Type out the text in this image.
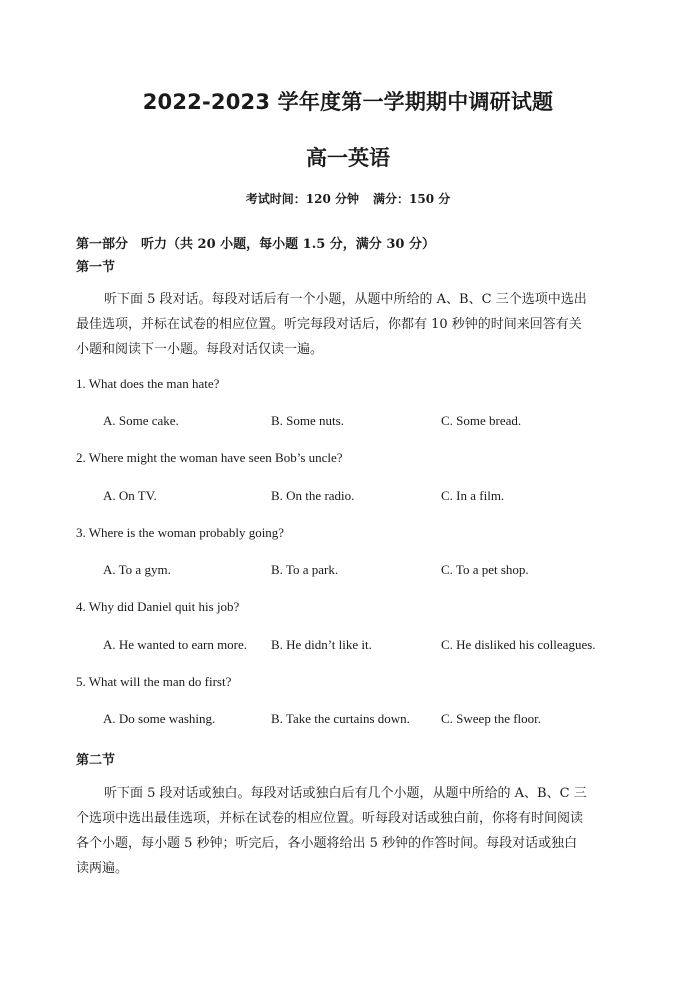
2022-2023 学年度第一学期期中调研试题
高一英语
考试时间：120 分钟 满分：150 分
第一部分　听力（共 20 小题，每小题 1.5 分，满分 30 分）
第一节
听下面 5 段对话。每段对话后有一个小题，从题中所给的 A、B、C 三个选项中选出
最佳选项，并标在试卷的相应位置。听完每段对话后，你都有 10 秒钟的时间来回答有关
小题和阅读下一小题。每段对话仅读一遍。
1. What does the man hate?
A. Some cake.	B. Some nuts.	C. Some bread.
2. Where might the woman have seen Bob’s uncle?
A. On TV.	B. On the radio.	C. In a film.
3. Where is the woman probably going?
A. To a gym.	B. To a park.	C. To a pet shop.
4. Why did Daniel quit his job?
A. He wanted to earn more. B. He didn’t like it.	C. He disliked his colleagues.
5. What will the man do first?
A. Do some washing.	B. Take the curtains down. C. Sweep the floor.
第二节
听下面 5 段对话或独白。每段对话或独白后有几个小题，从题中所给的 A、B、C 三
个选项中选出最佳选项，并标在试卷的相应位置。听每段对话或独白前，你将有时间阅读
各个小题，每小题 5 秒钟；听完后，各小题将给出 5 秒钟的作答时间。每段对话或独白
读两遍。
